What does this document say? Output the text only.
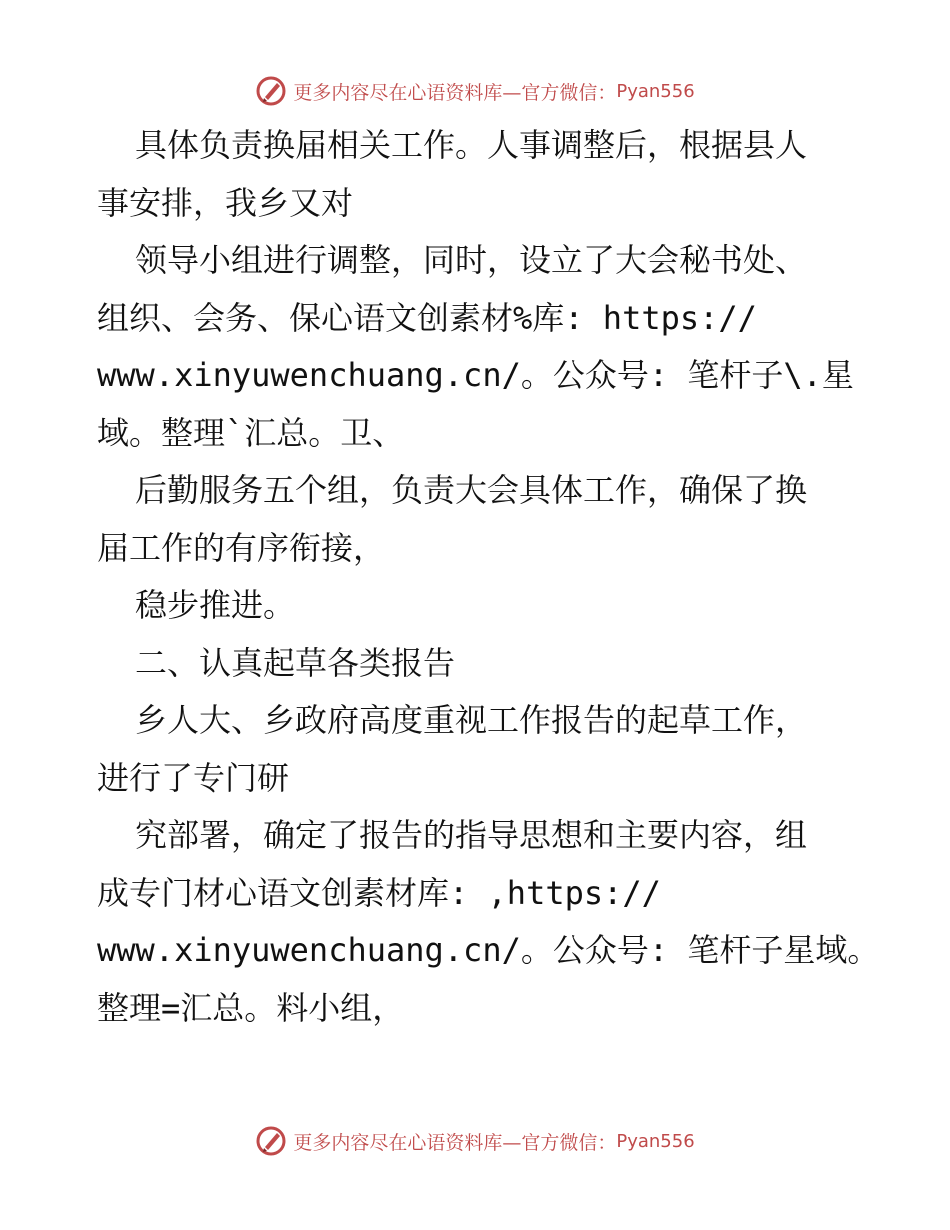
更多内容尽在心语资料库—官方微信： Pyan556
具体负责换届相关工作。人事调整后，根据县人
事安排，我乡又对
领导小组进行调整，同时，设立了大会秘书处、
组织、会务、保心语文创素材%库: https://
www.xinyuwenchuang.cn/。公众号: 笔杆子\.星
域。整理`汇总。卫、
后勤服务五个组，负责大会具体工作，确保了换
届工作的有序衔接，
稳步推进。
二、认真起草各类报告
乡人大、乡政府高度重视工作报告的起草工作，
进行了专门研
究部署，确定了报告的指导思想和主要内容，组
成专门材心语文创素材库: ,https://
www.xinyuwenchuang.cn/。公众号: 笔杆子星域。
整理=汇总。料小组，
更多内容尽在心语资料库—官方微信： Pyan556
